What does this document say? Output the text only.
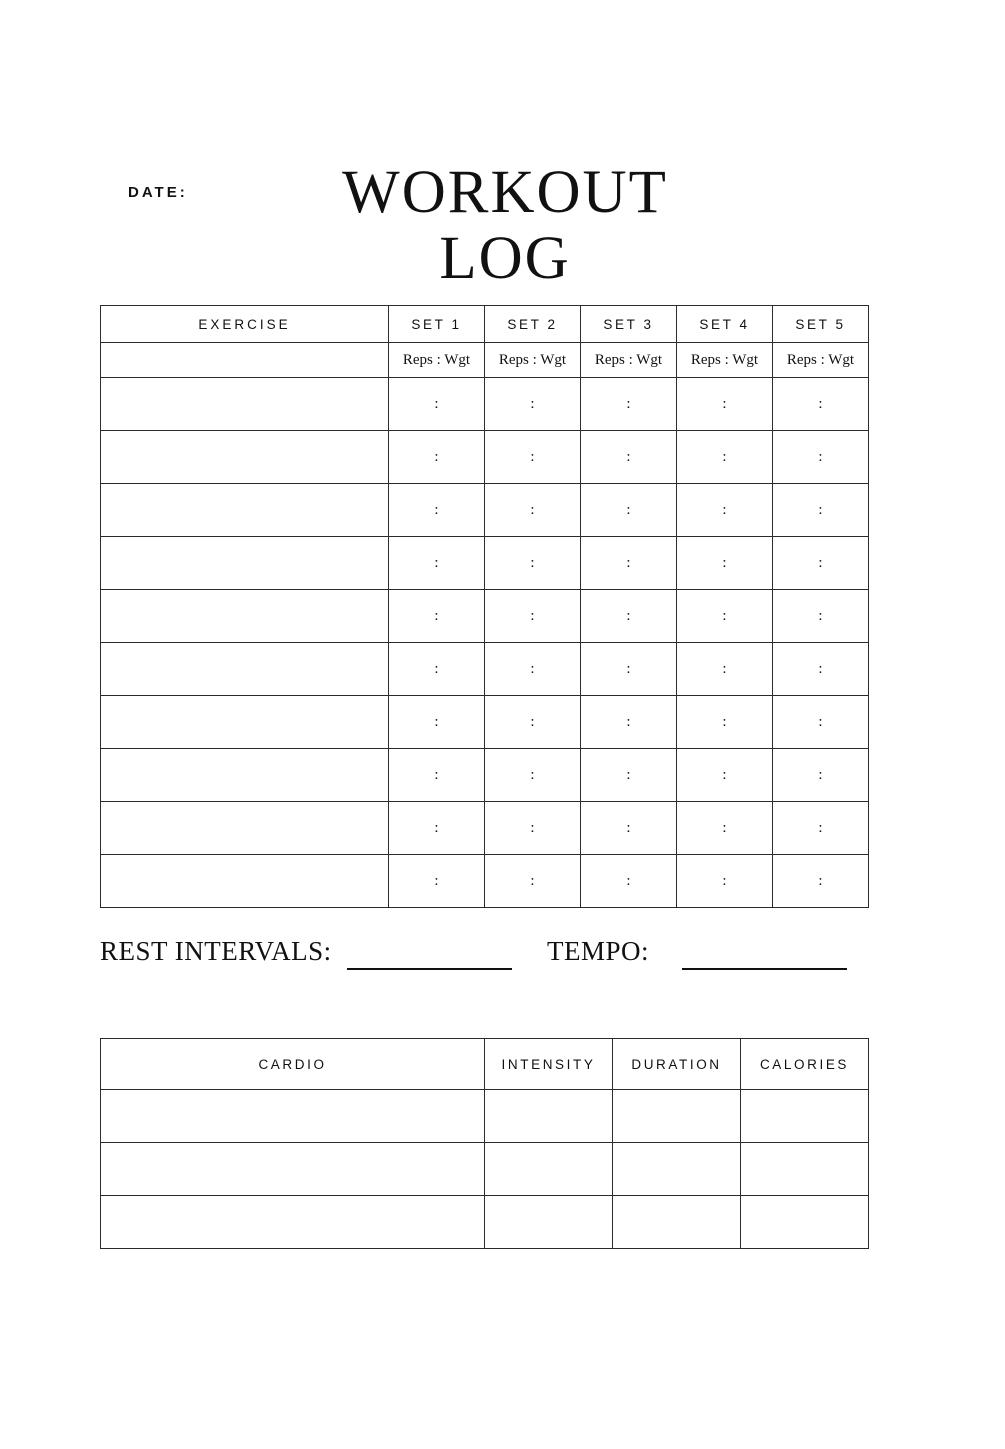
DATE:	WORKOUT
LOG
EXERCISE	SET 1	SET 2	SET 3	SET 4	SET 5
	Reps : Wgt	Reps : Wgt	Reps : Wgt	Reps : Wgt	Reps : Wgt
	:	:	:	:	:
	:	:	:	:	:
	:	:	:	:	:
	:	:	:	:	:
	:	:	:	:	:
	:	:	:	:	:
	:	:	:	:	:
	:	:	:	:	:
	:	:	:	:	:
	:	:	:	:	:
REST INTERVALS:	TEMPO:
CARDIO	INTENSITY	DURATION	CALORIES
